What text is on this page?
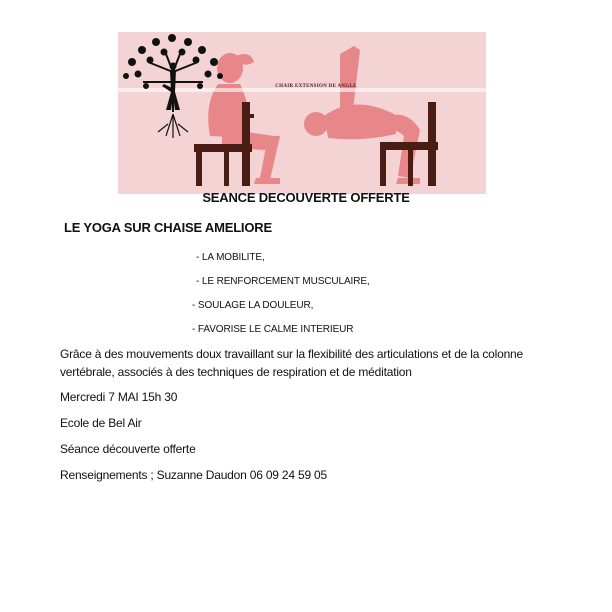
CHAIR EXTENSION DE ANGLE
SEANCE DECOUVERTE OFFERTE
LE YOGA SUR CHAISE AMELIORE
- LA MOBILITE,
- LE RENFORCEMENT MUSCULAIRE,
- SOULAGE LA DOULEUR,
- FAVORISE LE CALME INTERIEUR
Grâce à des mouvements doux travaillant sur la flexibilité des articulations et de la colonne vertébrale, associés à des techniques de respiration et de méditation
Mercredi 7 MAI 15h 30
Ecole de Bel Air
Séance découverte offerte
Renseignements ; Suzanne Daudon 06 09 24 59 05
